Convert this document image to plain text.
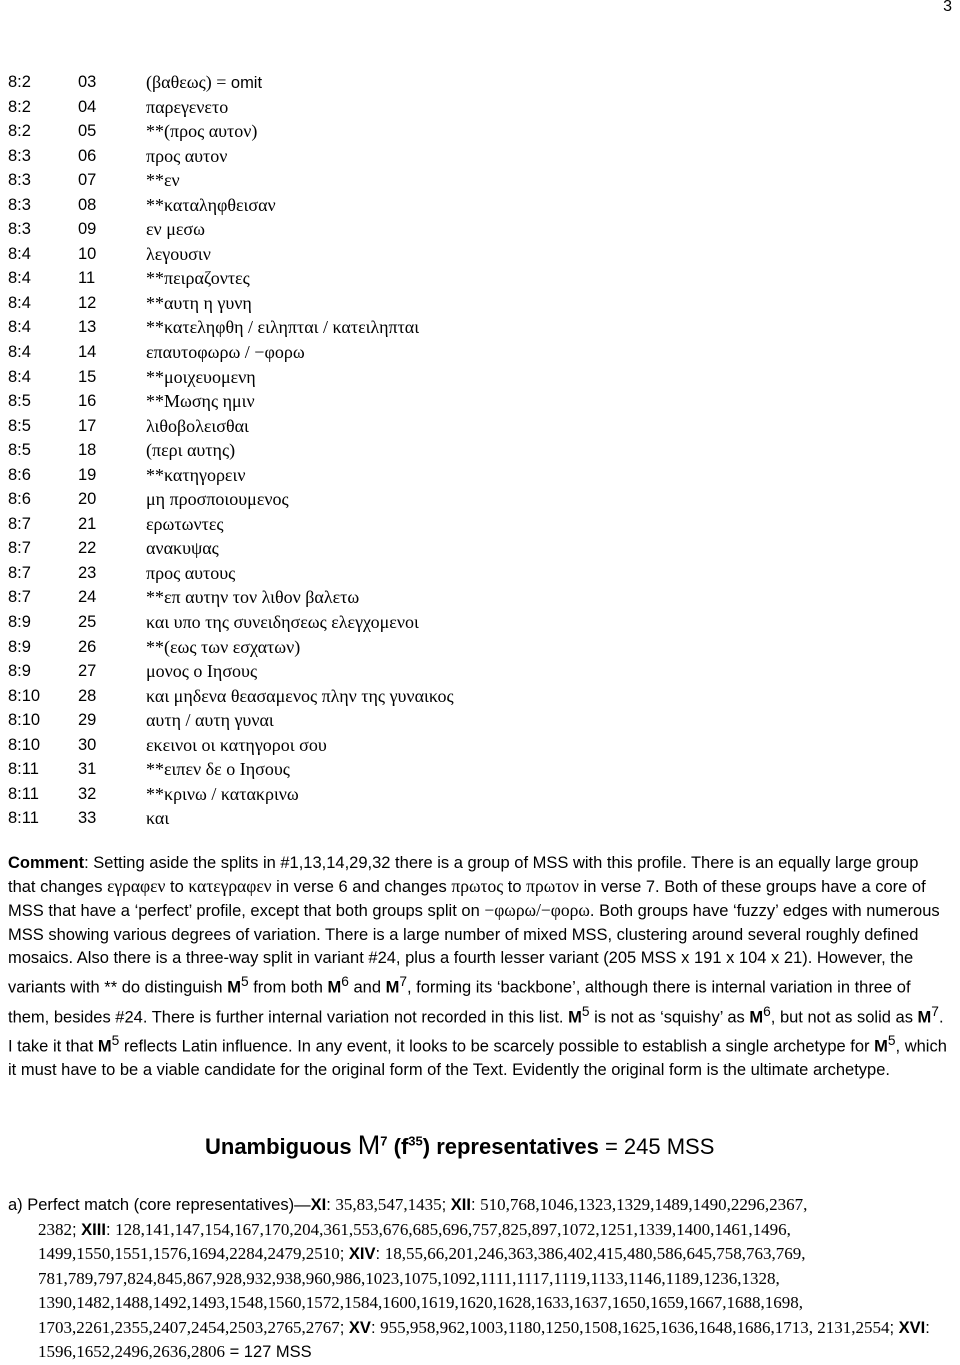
3
8:2	03	(βαθεως) = omit
8:2	04	παρεγενετο
8:2	05	**(προς αυτον)
8:3	06	προς αυτον
8:3	07	**εν
8:3	08	**καταληφθεισαν
8:3	09	εν μεσω
8:4	10	λεγουσιν
8:4	11	**πειραζοντες
8:4	12	**αυτη η γυνη
8:4	13	**κατεληφθη / ειληπται / κατειληπται
8:4	14	επαυτοφωρω / −φορω
8:4	15	**μοιχευομενη
8:5	16	**Μωσης ημιν
8:5	17	λιθοβολεισθαι
8:5	18	(περι αυτης)
8:6	19	**κατηγορειν
8:6	20	μη προσποιουμενος
8:7	21	ερωτωντες
8:7	22	ανακυψας
8:7	23	προς αυτους
8:7	24	**επ αυτην τον λιθον βαλετω
8:9	25	και υπο της συνειδησεως ελεγχομενοι
8:9	26	**(εως των εσχατων)
8:9	27	μονος ο Ιησους
8:10	28	και μηδενα θεασαμενος πλην της γυναικος
8:10	29	αυτη / αυτη γυναι
8:10	30	εκεινοι οι κατηγοροι σου
8:11	31	**ειπεν δε ο Ιησους
8:11	32	**κρινω / κατακρινω
8:11	33	και
Comment: Setting aside the splits in #1,13,14,29,32 there is a group of MSS with this profile. There is an equally large group that changes εγραφεν to κατεγραφεν in verse 6 and changes πρωτος to πρωτον in verse 7. Both of these groups have a core of MSS that have a ‘perfect’ profile, except that both groups split on −φωρω/−φορω. Both groups have ‘fuzzy’ edges with numerous MSS showing various degrees of variation. There is a large number of mixed MSS, clustering around several roughly defined mosaics. Also there is a three-way split in variant #24, plus a fourth lesser variant (205 MSS x 191 x 104 x 21). However, the variants with ** do distinguish $M^5$ from both $M^6$ and $M^7$, forming its ‘backbone’, although there is internal variation in three of them, besides #24. There is further internal variation not recorded in this list. $M^5$ is not as ‘squishy’ as $M^6$, but not as solid as $M^7$. I take it that $M^5$ reflects Latin influence. In any event, it looks to be scarcely possible to establish a single archetype for $M^5$, which it must have to be a viable candidate for the original form of the Text. Evidently the original form is the ultimate archetype.
Unambiguous $M^7$ $(f^{35})$ representatives = 245 MSS
a) Perfect match (core representatives)—XI: 35,83,547,1435; XII: 510,768,1046,1323,1329,1489,1490,2296,2367,
2382; XIII: 128,141,147,154,167,170,204,361,553,676,685,696,757,825,897,1072,1251,1339,1400,1461,1496, 1499,1550,1551,1576,1694,2284,2479,2510; XIV: 18,55,66,201,246,363,386,402,415,480,586,645,758,763,769, 781,789,797,824,845,867,928,932,938,960,986,1023,1075,1092,1111,1117,1119,1133,1146,1189,1236,1328, 1390,1482,1488,1492,1493,1548,1560,1572,1584,1600,1619,1620,1628,1633,1637,1650,1659,1667,1688,1698, 1703,2261,2355,2407,2454,2503,2765,2767; XV: 955,958,962,1003,1180,1250,1508,1625,1636,1648,1686,1713, 2131,2554; XVI: 1596,1652,2496,2636,2806 = 127 MSS
